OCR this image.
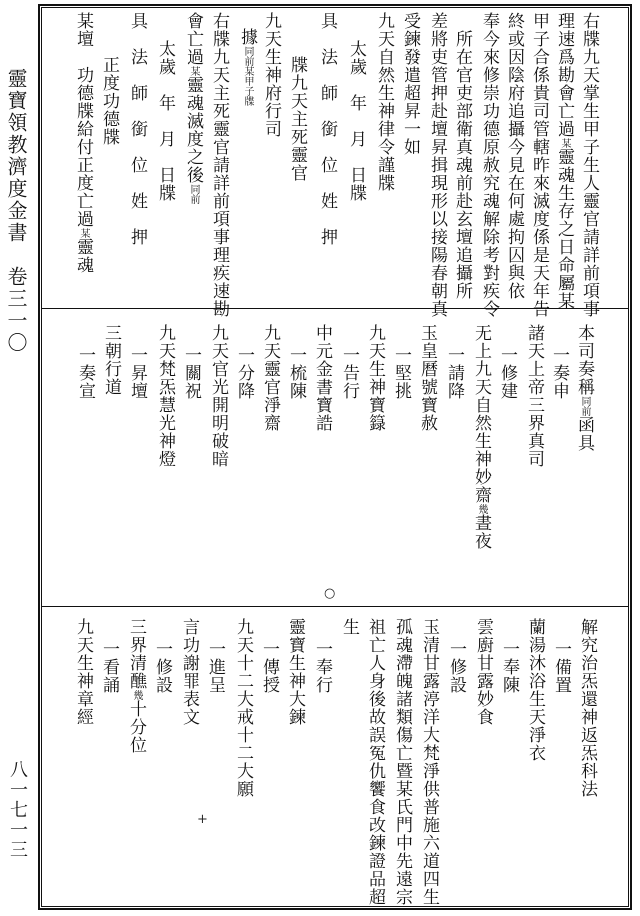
靈寶領教濟度金書　卷三一〇
八一七一三
右牒九天掌生甲子生人靈官請詳前項事
理速爲勘會亡過某靈魂生存之日命屬某
甲子合係貴司管轄昨來滅度係是天年告
終或因陰府追攝今見在何處拘囚與依
奉今來修崇功德原赦究魂解除考對疾令
所在官吏部衛真魂前赴玄壇追攝所
差將吏管押赴壇昇揖現形以接陽春朝真
受鍊發遣超昇一如
九天自然生神律令謹牒
太歲　年　月　日牒
具　法　師　銜　位　姓　押
牒九天主死靈官
九天生神府行司
據同前某甲子牒
右牒九天主死靈官請詳前項事理疾速勘
會亡過某靈魂滅度之後同前
太歲　年　月　日牒
具　法　師　銜　位　姓　押
正度功德牒
某壇　功德牒給付正度亡過某靈魂
本司奏稱同前函具
一奏申
諸天上帝三界真司
一修建
无上九天自然生神妙齋幾晝夜
一請降
玉皇曆號寶赦
一堅挑
九天生神寶籙
一告行
中元金書寶誥
一梳陳
九天靈官淨齋
一分降
九天官光開明破暗
一關祝
九天梵炁慧光神燈
一昇壇
三朝行道
一奏宣
○
解究治炁還神返炁科法
一備置
蘭湯沐浴生天淨衣
一奉陳
雲廚甘露妙食
一修設
玉清甘露渟洋大梵淨供普施六道四生
孤魂滯魄諸類傷亡暨某氏門中先遠宗
祖亡人身後故誤冤仇饗食改鍊證品超
生
一奉行
靈寶生神大鍊
一傳授
九天十二大戒十二大願
一進呈
言功謝罪表文
一修設
三界清醮幾十分位
一看誦
九天生神章經
+
